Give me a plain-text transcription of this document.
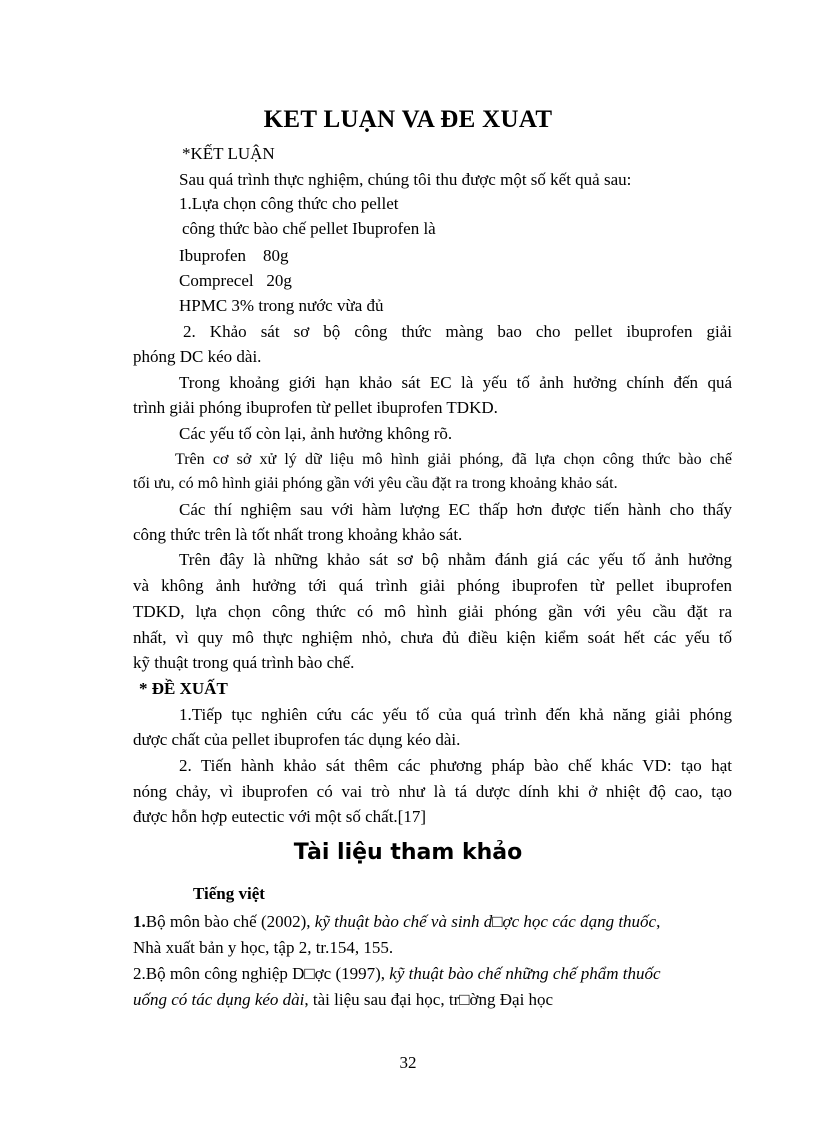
KET LUẠN VA ĐE XUAT
*KẾT LUẬN
Sau quá trình thực nghiệm, chúng tôi thu được một số kết quả sau:
1.Lựa chọn công thức cho pellet
công thức bào chế pellet Ibuprofen là
Ibuprofen    80g
Comprecel   20g
HPMC 3% trong nước vừa đủ
2. Khảo sát sơ bộ công thức màng bao cho pellet ibuprofen giải
phóng DC kéo dài.
Trong khoảng giới hạn khảo sát EC là yếu tố ảnh hưởng chính đến quá
trình giải phóng ibuprofen từ pellet ibuprofen TDKD.
Các yếu tố còn lại, ảnh hưởng không rõ.
Trên cơ sở xử lý dữ liệu mô hình giải phóng, đã lựa chọn công thức bào chế
tối ưu, có mô hình giải phóng gần với yêu cầu đặt ra trong khoảng khảo sát.
Các thí nghiệm sau với hàm lượng EC thấp hơn được tiến hành cho thấy
công thức trên là tốt nhất trong khoảng khảo sát.
Trên đây là những khảo sát sơ bộ nhằm đánh giá các yếu tố ảnh hưởng
và không ảnh hưởng tới quá trình giải phóng ibuprofen từ pellet ibuprofen
TDKD, lựa chọn công thức có mô hình giải phóng gần với yêu cầu đặt ra
nhất, vì quy mô thực nghiệm nhỏ, chưa đủ điều kiện kiểm soát hết các yếu tố
kỹ thuật trong quá trình bào chế.
* ĐỀ XUẤT
1.Tiếp tục nghiên cứu các yếu tố của quá trình đến khả năng giải phóng
dược chất của pellet ibuprofen tác dụng kéo dài.
2. Tiến hành khảo sát thêm các phương pháp bào chế khác VD: tạo hạt
nóng chảy, vì ibuprofen có vai trò như là tá dược dính khi ở nhiệt độ cao, tạo
được hỗn hợp eutectic với một số chất.[17]
Tài liệu tham khảo
Tiếng việt
1.Bộ môn bào chế (2002), kỹ thuật bào chế và sinh d□ợc học các dạng thuốc,
Nhà xuất bản y học, tập 2, tr.154, 155.
2.Bộ môn công nghiệp D□ợc (1997), kỹ thuật bào chế những chế phẩm thuốc
uống có tác dụng kéo dài, tài liệu sau đại học, tr□ờng Đại học
32
